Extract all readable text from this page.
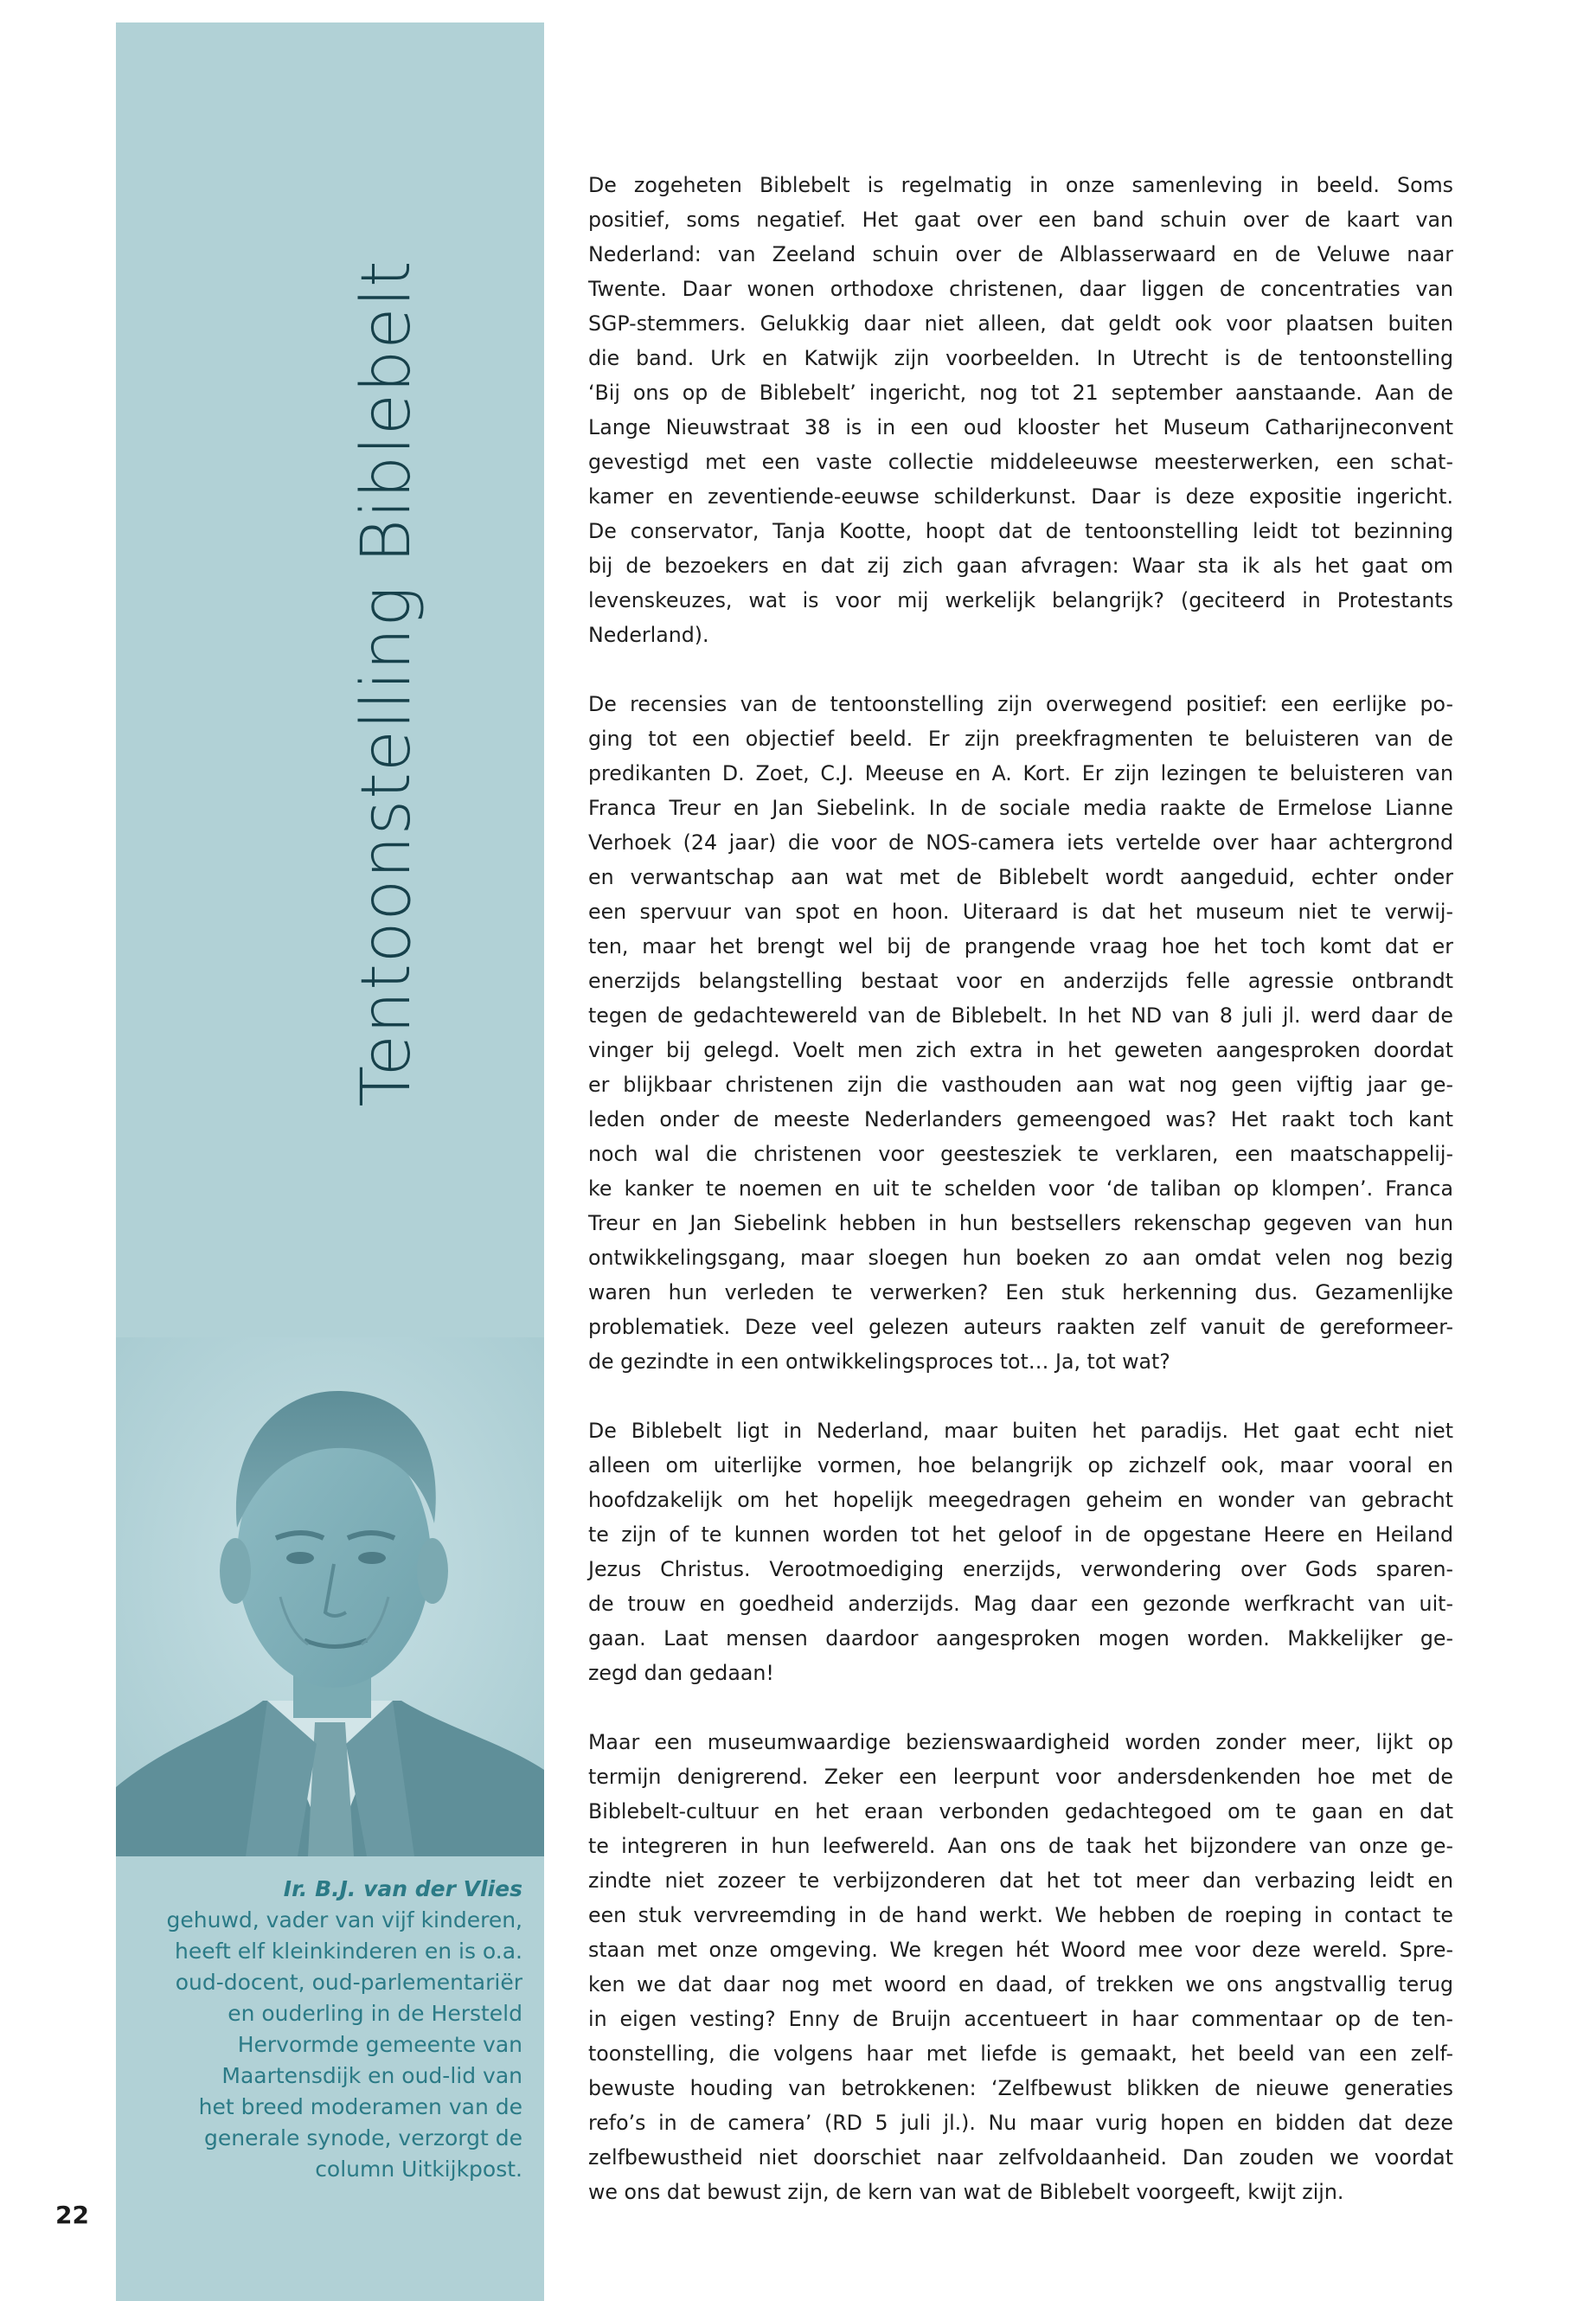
Tentoonstelling Biblebelt
Ir. B.J. van der Vlies
gehuwd, vader van vijf kinderen,
heeft elf kleinkinderen en is o.a.
oud-docent, oud-parlementariër
en ouderling in de Hersteld
Hervormde gemeente van
Maartensdijk en oud-lid van
het breed moderamen van de
generale synode, verzorgt de
column Uitkijkpost.
22

De zogeheten Biblebelt is regelmatig in onze samenleving in beeld. Soms
positief, soms negatief. Het gaat over een band schuin over de kaart van
Nederland: van Zeeland schuin over de Alblasserwaard en de Veluwe naar
Twente. Daar wonen orthodoxe christenen, daar liggen de concentraties van
SGP-stemmers. Gelukkig daar niet alleen, dat geldt ook voor plaatsen buiten
die band. Urk en Katwijk zijn voorbeelden. In Utrecht is de tentoonstelling
‘Bij ons op de Biblebelt’ ingericht, nog tot 21 september aanstaande. Aan de
Lange Nieuwstraat 38 is in een oud klooster het Museum Catharijneconvent
gevestigd met een vaste collectie middeleeuwse meesterwerken, een schat-
kamer en zeventiende-eeuwse schilderkunst. Daar is deze expositie ingericht.
De conservator, Tanja Kootte, hoopt dat de tentoonstelling leidt tot bezinning
bij de bezoekers en dat zij zich gaan afvragen: Waar sta ik als het gaat om
levenskeuzes, wat is voor mij werkelijk belangrijk? (geciteerd in Protestants
Nederland).

De recensies van de tentoonstelling zijn overwegend positief: een eerlijke po-
ging tot een objectief beeld. Er zijn preekfragmenten te beluisteren van de
predikanten D. Zoet, C.J. Meeuse en A. Kort. Er zijn lezingen te beluisteren van
Franca Treur en Jan Siebelink. In de sociale media raakte de Ermelose Lianne
Verhoek (24 jaar) die voor de NOS-camera iets vertelde over haar achtergrond
en verwantschap aan wat met de Biblebelt wordt aangeduid, echter onder
een spervuur van spot en hoon. Uiteraard is dat het museum niet te verwij-
ten, maar het brengt wel bij de prangende vraag hoe het toch komt dat er
enerzijds belangstelling bestaat voor en anderzijds felle agressie ontbrandt
tegen de gedachtewereld van de Biblebelt. In het ND van 8 juli jl. werd daar de
vinger bij gelegd. Voelt men zich extra in het geweten aangesproken doordat
er blijkbaar christenen zijn die vasthouden aan wat nog geen vijftig jaar ge-
leden onder de meeste Nederlanders gemeengoed was? Het raakt toch kant
noch wal die christenen voor geestesziek te verklaren, een maatschappelij-
ke kanker te noemen en uit te schelden voor ‘de taliban op klompen’. Franca
Treur en Jan Siebelink hebben in hun bestsellers rekenschap gegeven van hun
ontwikkelingsgang, maar sloegen hun boeken zo aan omdat velen nog bezig
waren hun verleden te verwerken? Een stuk herkenning dus. Gezamenlijke
problematiek. Deze veel gelezen auteurs raakten zelf vanuit de gereformeer-
de gezindte in een ontwikkelingsproces tot… Ja, tot wat?

De Biblebelt ligt in Nederland, maar buiten het paradijs. Het gaat echt niet
alleen om uiterlijke vormen, hoe belangrijk op zichzelf ook, maar vooral en
hoofdzakelijk om het hopelijk meegedragen geheim en wonder van gebracht
te zijn of te kunnen worden tot het geloof in de opgestane Heere en Heiland
Jezus Christus. Verootmoediging enerzijds, verwondering over Gods sparen-
de trouw en goedheid anderzijds. Mag daar een gezonde werfkracht van uit-
gaan. Laat mensen daardoor aangesproken mogen worden. Makkelijker ge-
zegd dan gedaan!

Maar een museumwaardige bezienswaardigheid worden zonder meer, lijkt op
termijn denigrerend. Zeker een leerpunt voor andersdenkenden hoe met de
Biblebelt-cultuur en het eraan verbonden gedachtegoed om te gaan en dat
te integreren in hun leefwereld. Aan ons de taak het bijzondere van onze ge-
zindte niet zozeer te verbijzonderen dat het tot meer dan verbazing leidt en
een stuk vervreemding in de hand werkt. We hebben de roeping in contact te
staan met onze omgeving. We kregen hét Woord mee voor deze wereld. Spre-
ken we dat daar nog met woord en daad, of trekken we ons angstvallig terug
in eigen vesting? Enny de Bruijn accentueert in haar commentaar op de ten-
toonstelling, die volgens haar met liefde is gemaakt, het beeld van een zelf-
bewuste houding van betrokkenen: ‘Zelfbewust blikken de nieuwe generaties
refo’s in de camera’ (RD 5 juli jl.). Nu maar vurig hopen en bidden dat deze
zelfbewustheid niet doorschiet naar zelfvoldaanheid. Dan zouden we voordat
we ons dat bewust zijn, de kern van wat de Biblebelt voorgeeft, kwijt zijn.
